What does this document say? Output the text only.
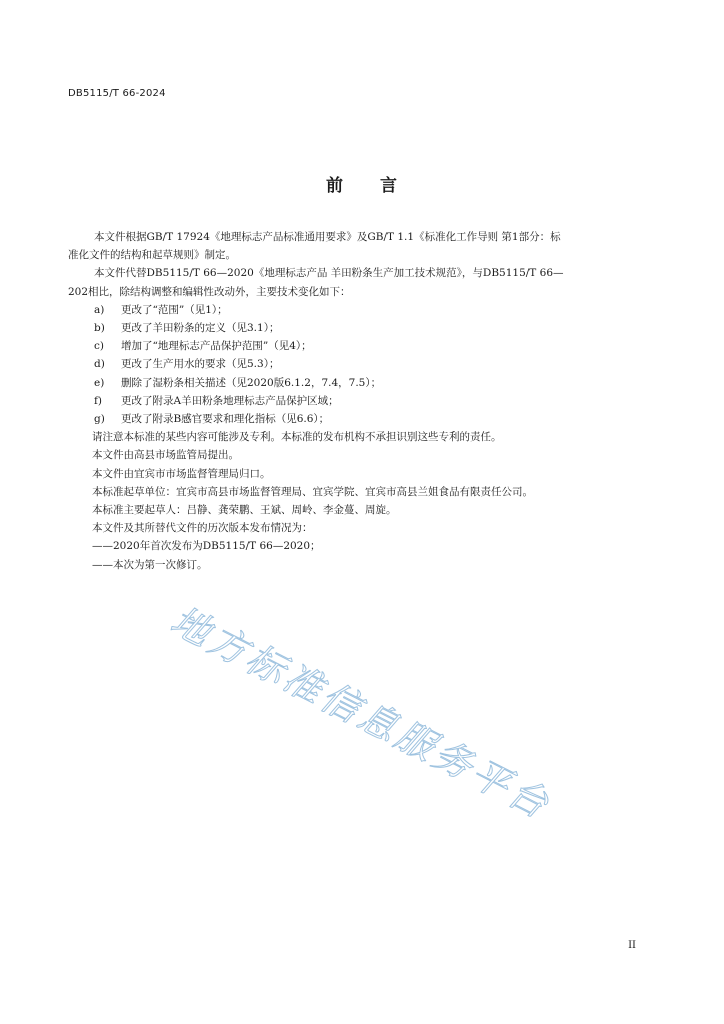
DB5115/T 66-2024
前　　言

本文件根据GB/T 17924《地理标志产品标准通用要求》及GB/T 1.1《标准化工作导则 第1部分：标
准化文件的结构和起草规则》制定。

本文件代替DB5115/T 66—2020《地理标志产品 羊田粉条生产加工技术规范》，与DB5115/T 66—
202相比，除结构调整和编辑性改动外，主要技术变化如下：

a)	更改了“范围”（见1）；
b)	更改了羊田粉条的定义（见3.1）；
c)	增加了“地理标志产品保护范围”（见4）；
d)	更改了生产用水的要求（见5.3）；
e)	删除了湿粉条相关描述（见2020版6.1.2，7.4，7.5）；
f)	更改了附录A羊田粉条地理标志产品保护区域；
g)	更改了附录B感官要求和理化指标（见6.6）；

请注意本标准的某些内容可能涉及专利。本标准的发布机构不承担识别这些专利的责任。

本文件由高县市场监管局提出。

本文件由宜宾市市场监督管理局归口。

本标准起草单位：宜宾市高县市场监督管理局、宜宾学院、宜宾市高县兰姐食品有限责任公司。

本标准主要起草人：吕静、龚荣鹏、王斌、周岭、李金蔓、周旋。

本文件及其所替代文件的历次版本发布情况为：

——2020年首次发布为DB5115/T 66—2020；

——本次为第一次修订。

地方标准信息服务平台
II
